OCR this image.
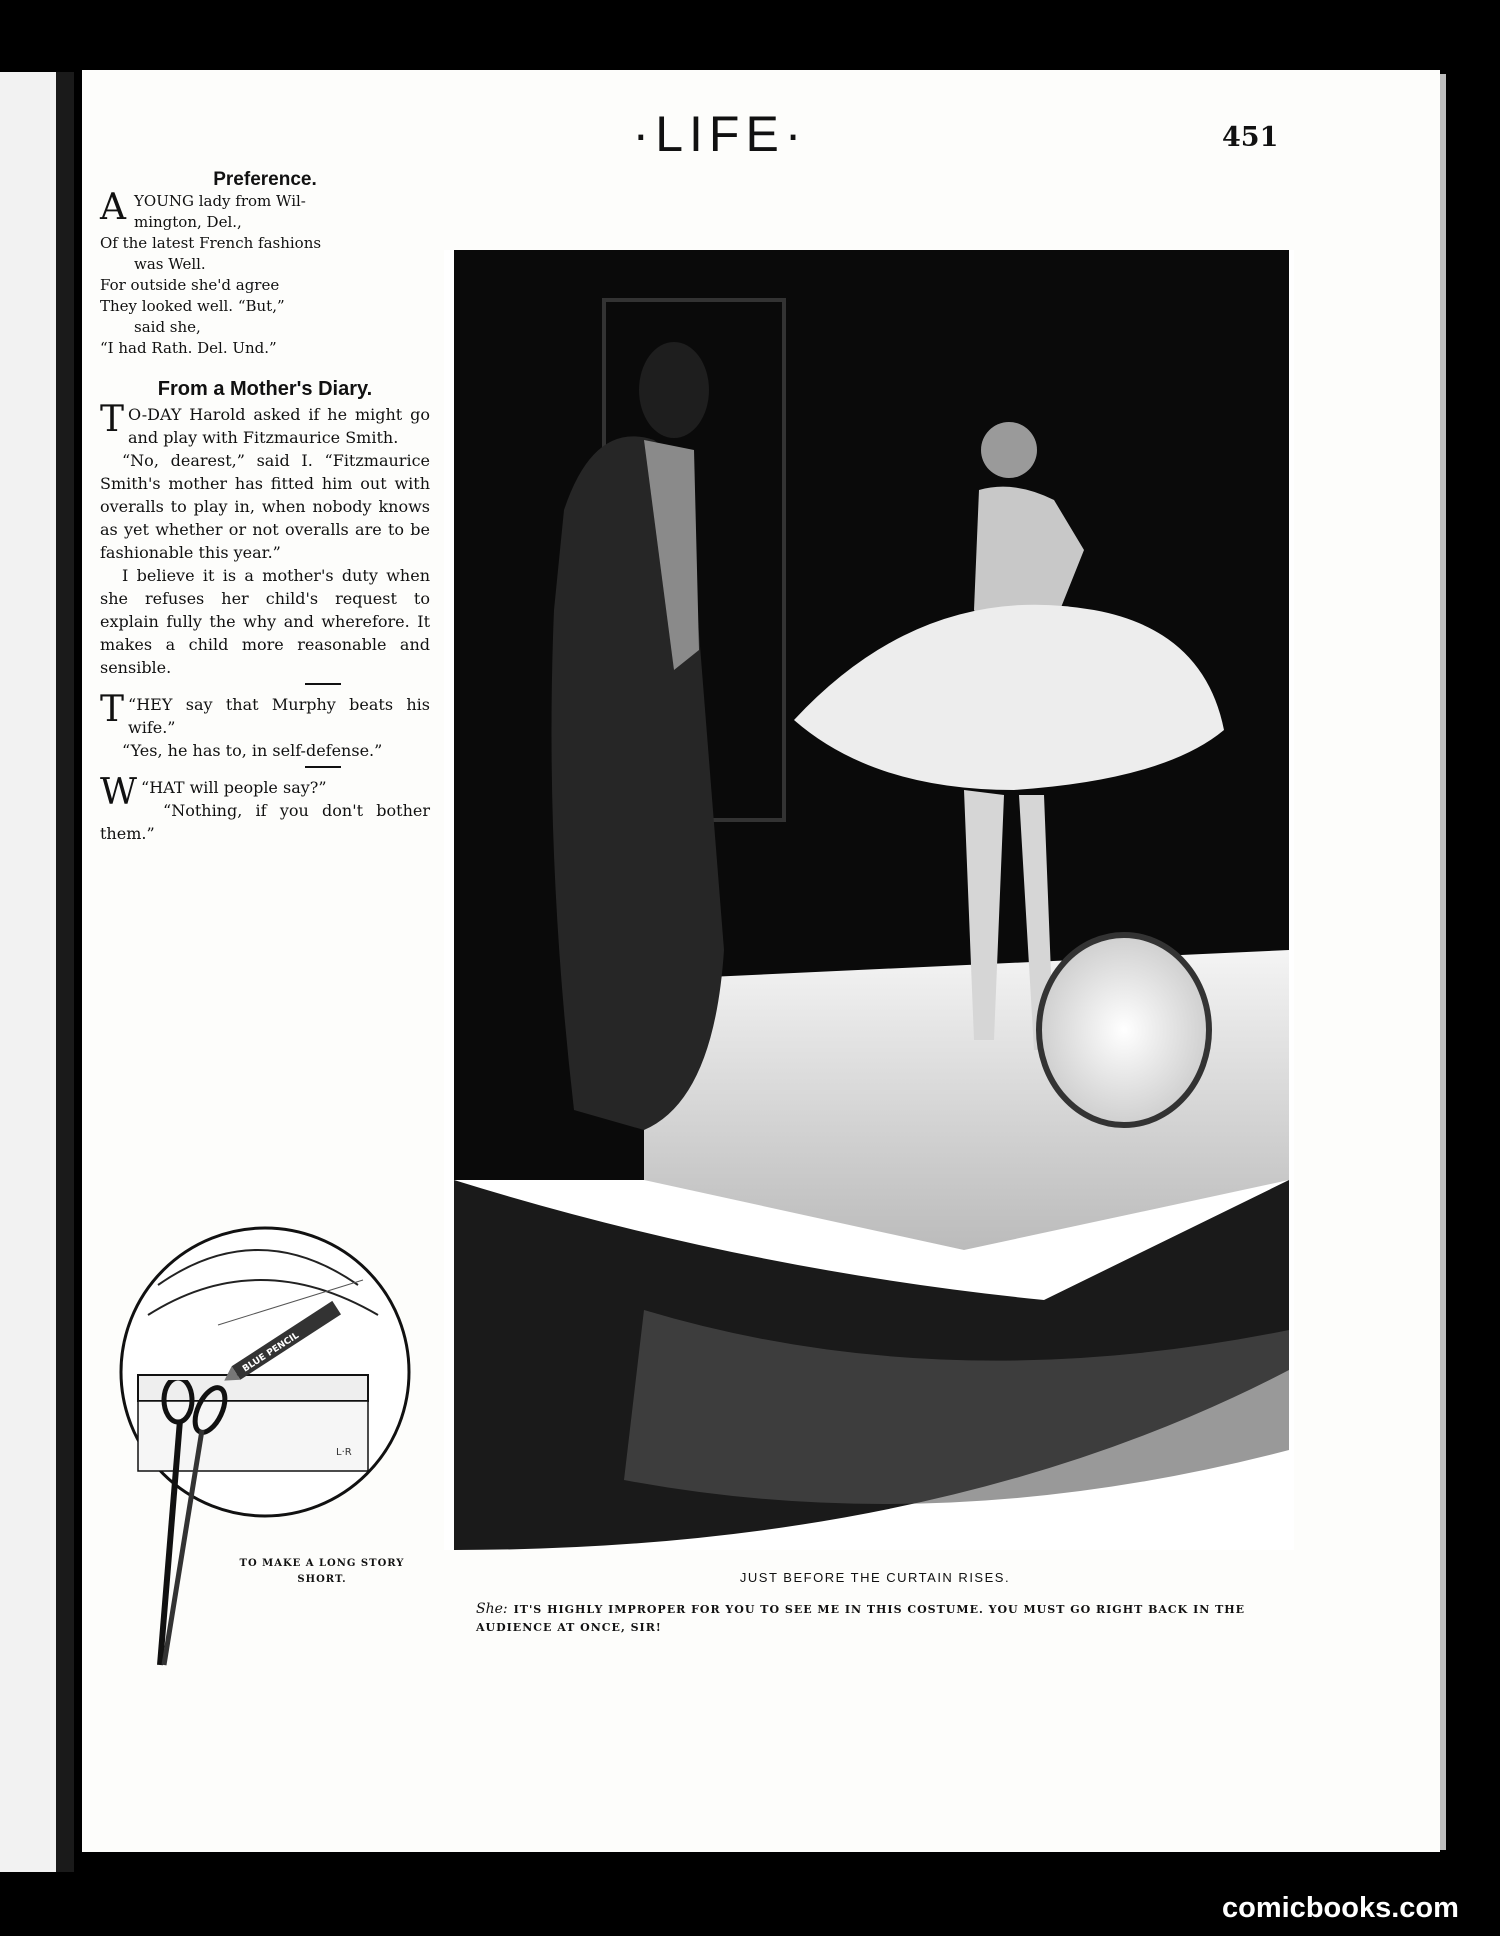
·LIFE·	451
Preference.
A YOUNG lady from Wil-

mington, Del.,

Of the latest French fashions

was Well.

For outside she'd agree

They looked well. “But,”

said she,

“I had Rath. Del. Und.”

From a Mother's Diary.

T O-DAY Harold asked if he might go and play with Fitzmaurice Smith.

“No, dearest,” said I. “Fitzmaurice Smith's mother has fitted him out with overalls to play in, when nobody knows as yet whether or not overalls are to be fashionable this year.”

I believe it is a mother's duty when she refuses her child's request to explain fully the why and wherefore. It makes a child more reasonable and sensible.

“
T HEY say that Murphy beats his wife.”

“Yes, he has to, in self-defense.”

“
W HAT will people say?”

“Nothing, if you don't bother them.”

BLUE PENCIL
L·R
TO MAKE A LONG STORY SHORT.	JUST BEFORE THE CURTAIN RISES.
She: IT'S HIGHLY IMPROPER FOR YOU TO SEE ME IN THIS COSTUME. YOU MUST GO RIGHT BACK IN THE AUDIENCE AT ONCE, SIR!
comicbooks.com
